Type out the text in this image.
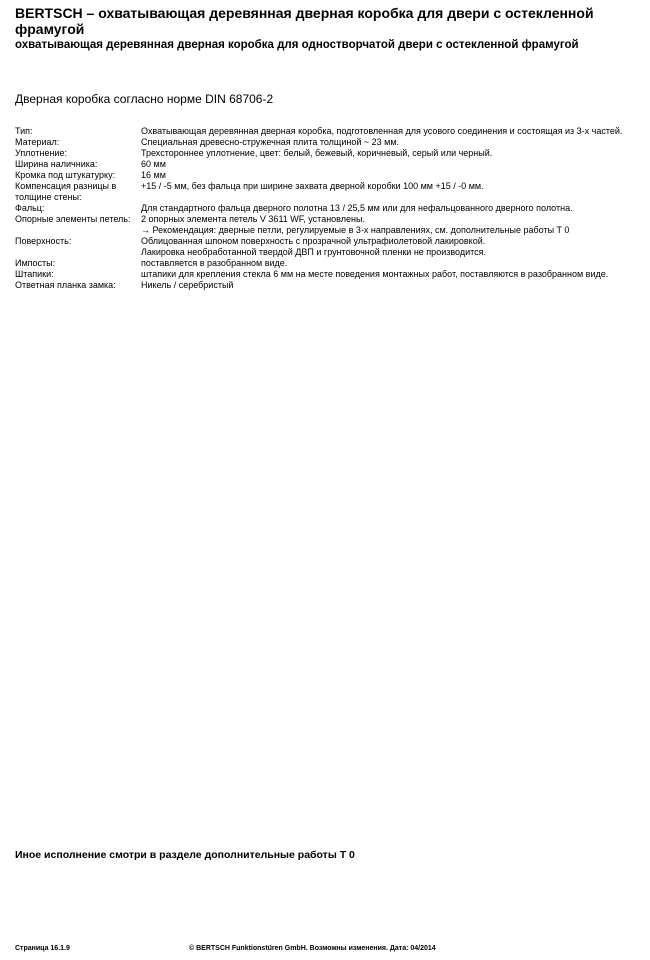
BERTSCH – охватывающая деревянная дверная коробка для двери с остекленной фрамугой
охватывающая деревянная дверная коробка для одностворчатой двери с остекленной фрамугой

Дверная коробка согласно норме DIN 68706-2

Тип:	Охватывающая деревянная дверная коробка, подготовленная для усового соединения и состоящая из 3-х частей.
Материал:	Специальная древесно-стружечная плита толщиной ~ 23 мм.
Уплотнение:	Трехстороннее уплотнение, цвет: белый, бежевый, коричневый, серый или черный.
Ширина наличника:	60 мм
Кромка под штукатурку:	16 мм
Компенсация разницы в толщине стены:	+15 / -5 мм, без фальца при ширине захвата дверной коробки 100 мм +15 / -0 мм.
Фальц:	Для стандартного фальца дверного полотна 13 / 25,5 мм или для нефальцованного дверного полотна.
Опорные элементы петель:	2 опорных элемента петель V 3611 WF, установлены.
→ Рекомендация: дверные петли, регулируемые в 3-х направлениях, см. дополнительные работы T 0

Поверхность:	Облицованная шпоном поверхность с прозрачной ультрафиолетовой лакировкой.
Лакировка необработанной твердой ДВП и грунтовочной пленки не производится.

Импосты:	поставляется в разобранном виде.
Штапики:	штапики для крепления стекла 6 мм на месте поведения монтажных работ, поставляются в разобранном виде.
Ответная планка замка:	Никель / серебристый

Иное исполнение смотри в разделе дополнительные работы T 0

Страница 16.1.9	© BERTSCH Funktionstüren GmbH. Возможны изменения. Дата: 04/2014
